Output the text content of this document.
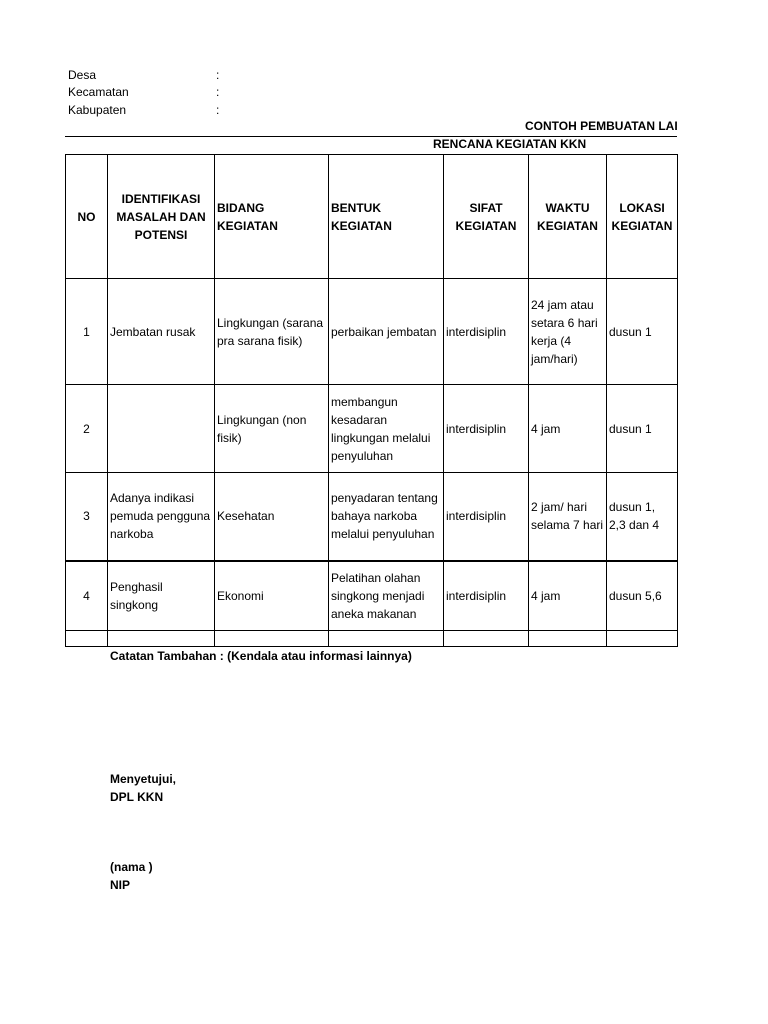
Desa	:
Kecamatan	:
Kabupaten	:
CONTOH PEMBUATAN LAI
RENCANA KEGIATAN KKN
NO	IDENTIFIKASI MASALAH DAN POTENSI	BIDANG KEGIATAN	BENTUK KEGIATAN	SIFAT KEGIATAN	WAKTU KEGIATAN	LOKASI KEGIATAN
1	Jembatan rusak	Lingkungan (sarana pra sarana fisik)	perbaikan jembatan	interdisiplin	24 jam atau setara 6 hari kerja (4 jam/hari)	dusun 1
2		Lingkungan (non fisik)	membangun kesadaran lingkungan melalui penyuluhan	interdisiplin	4 jam	dusun 1
3	Adanya indikasi pemuda pengguna narkoba	Kesehatan	penyadaran tentang bahaya narkoba melalui penyuluhan	interdisiplin	2 jam/ hari selama 7 hari	dusun 1, 2,3 dan 4
4	Penghasil singkong	Ekonomi	Pelatihan olahan singkong menjadi aneka makanan	interdisiplin	4 jam	dusun 5,6

Catatan Tambahan : (Kendala atau informasi lainnya)
Menyetujui,
DPL KKN
(nama )
NIP
